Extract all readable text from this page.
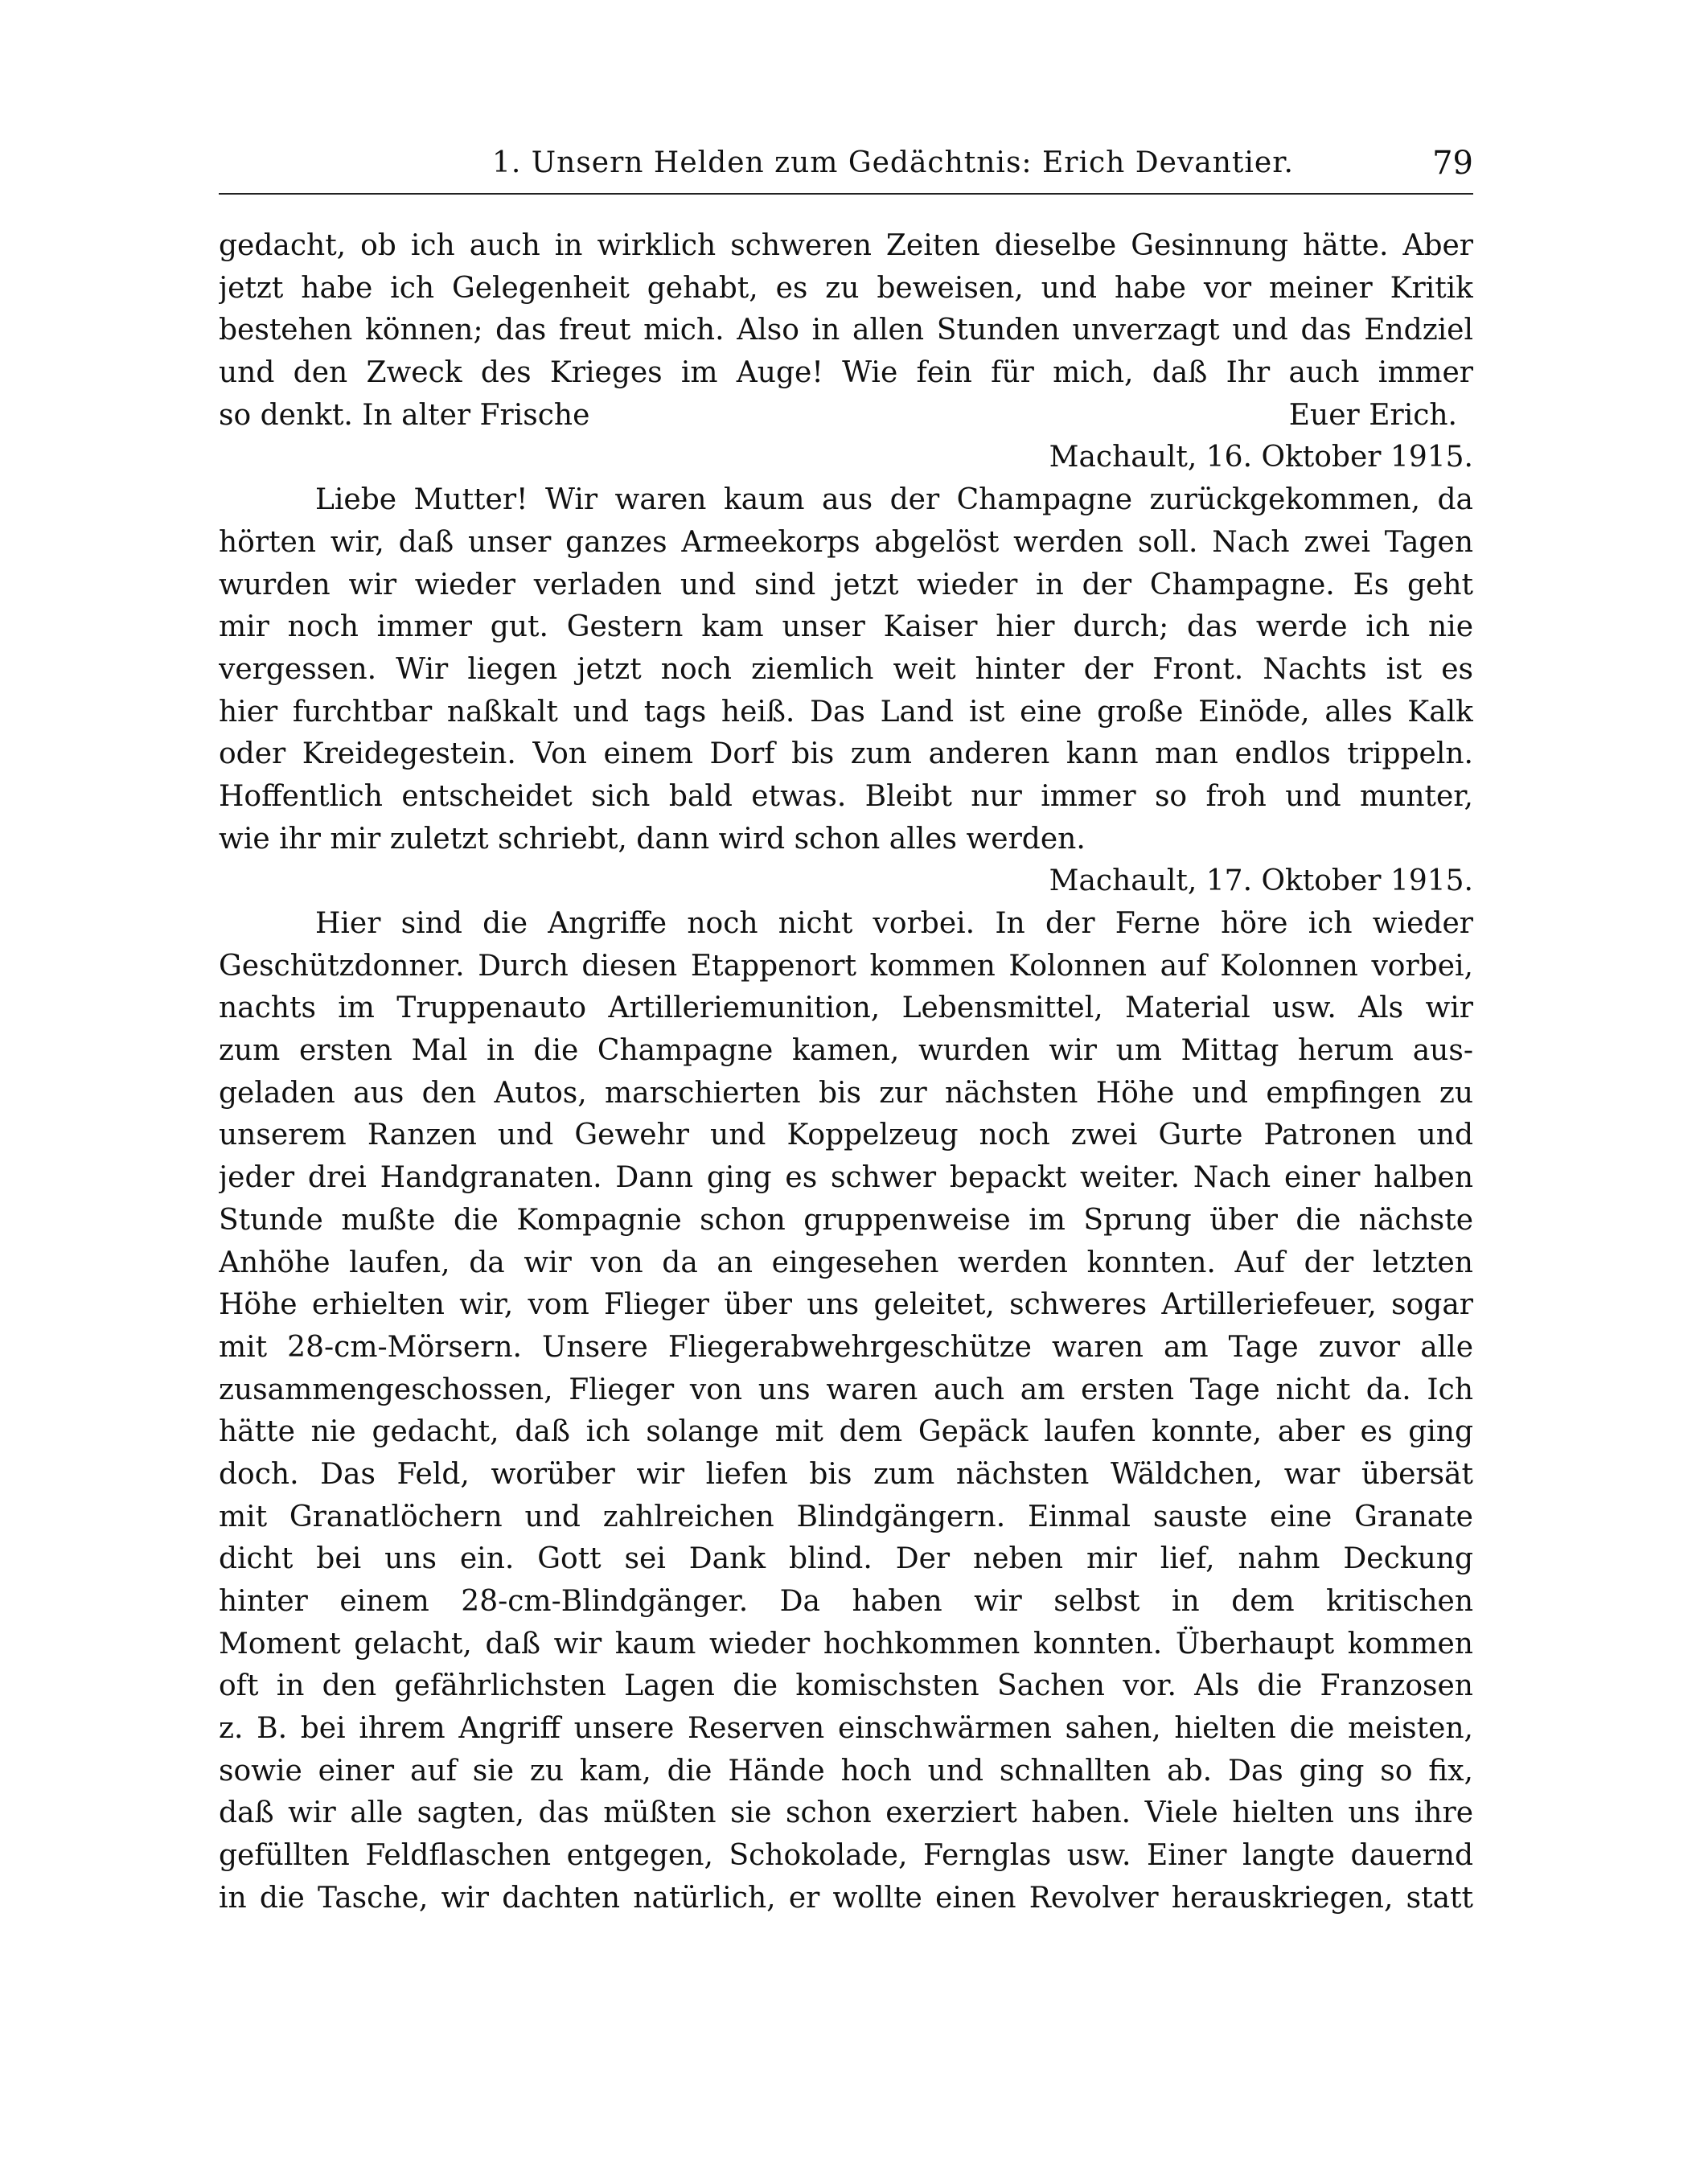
1. Unsern Helden zum Gedächtnis: Erich Devantier.	79
gedacht, ob ich auch in wirklich schweren Zeiten dieselbe Gesinnung hätte. Aber
jetzt habe ich Gelegenheit gehabt, es zu beweisen, und habe vor meiner Kritik
bestehen können; das freut mich. Also in allen Stunden unverzagt und das Endziel
und den Zweck des Krieges im Auge! Wie fein für mich, daß Ihr auch immer
so denkt. In alter Frische	Euer Erich.
Machault, 16. Oktober 1915.
Liebe Mutter! Wir waren kaum aus der Champagne zurückgekommen, da
hörten wir, daß unser ganzes Armeekorps abgelöst werden soll. Nach zwei Tagen
wurden wir wieder verladen und sind jetzt wieder in der Champagne. Es geht
mir noch immer gut. Gestern kam unser Kaiser hier durch; das werde ich nie
vergessen. Wir liegen jetzt noch ziemlich weit hinter der Front. Nachts ist es
hier furchtbar naßkalt und tags heiß. Das Land ist eine große Einöde, alles Kalk
oder Kreidegestein. Von einem Dorf bis zum anderen kann man endlos trippeln.
Hoffentlich entscheidet sich bald etwas. Bleibt nur immer so froh und munter,
wie ihr mir zuletzt schriebt, dann wird schon alles werden.
Machault, 17. Oktober 1915.
Hier sind die Angriffe noch nicht vorbei. In der Ferne höre ich wieder
Geschützdonner. Durch diesen Etappenort kommen Kolonnen auf Kolonnen vorbei,
nachts im Truppenauto Artilleriemunition, Lebensmittel, Material usw. Als wir
zum ersten Mal in die Champagne kamen, wurden wir um Mittag herum aus-
geladen aus den Autos, marschierten bis zur nächsten Höhe und empfingen zu
unserem Ranzen und Gewehr und Koppelzeug noch zwei Gurte Patronen und
jeder drei Handgranaten. Dann ging es schwer bepackt weiter. Nach einer halben
Stunde mußte die Kompagnie schon gruppenweise im Sprung über die nächste
Anhöhe laufen, da wir von da an eingesehen werden konnten. Auf der letzten
Höhe erhielten wir, vom Flieger über uns geleitet, schweres Artilleriefeuer, sogar
mit 28-cm-Mörsern. Unsere Fliegerabwehrgeschütze waren am Tage zuvor alle
zusammengeschossen, Flieger von uns waren auch am ersten Tage nicht da. Ich
hätte nie gedacht, daß ich solange mit dem Gepäck laufen konnte, aber es ging
doch. Das Feld, worüber wir liefen bis zum nächsten Wäldchen, war übersät
mit Granatlöchern und zahlreichen Blindgängern. Einmal sauste eine Granate
dicht bei uns ein. Gott sei Dank blind. Der neben mir lief, nahm Deckung
hinter einem 28-cm-Blindgänger. Da haben wir selbst in dem kritischen
Moment gelacht, daß wir kaum wieder hochkommen konnten. Überhaupt kommen
oft in den gefährlichsten Lagen die komischsten Sachen vor. Als die Franzosen
z. B. bei ihrem Angriff unsere Reserven einschwärmen sahen, hielten die meisten,
sowie einer auf sie zu kam, die Hände hoch und schnallten ab. Das ging so fix,
daß wir alle sagten, das müßten sie schon exerziert haben. Viele hielten uns ihre
gefüllten Feldflaschen entgegen, Schokolade, Fernglas usw. Einer langte dauernd
in die Tasche, wir dachten natürlich, er wollte einen Revolver herauskriegen, statt
